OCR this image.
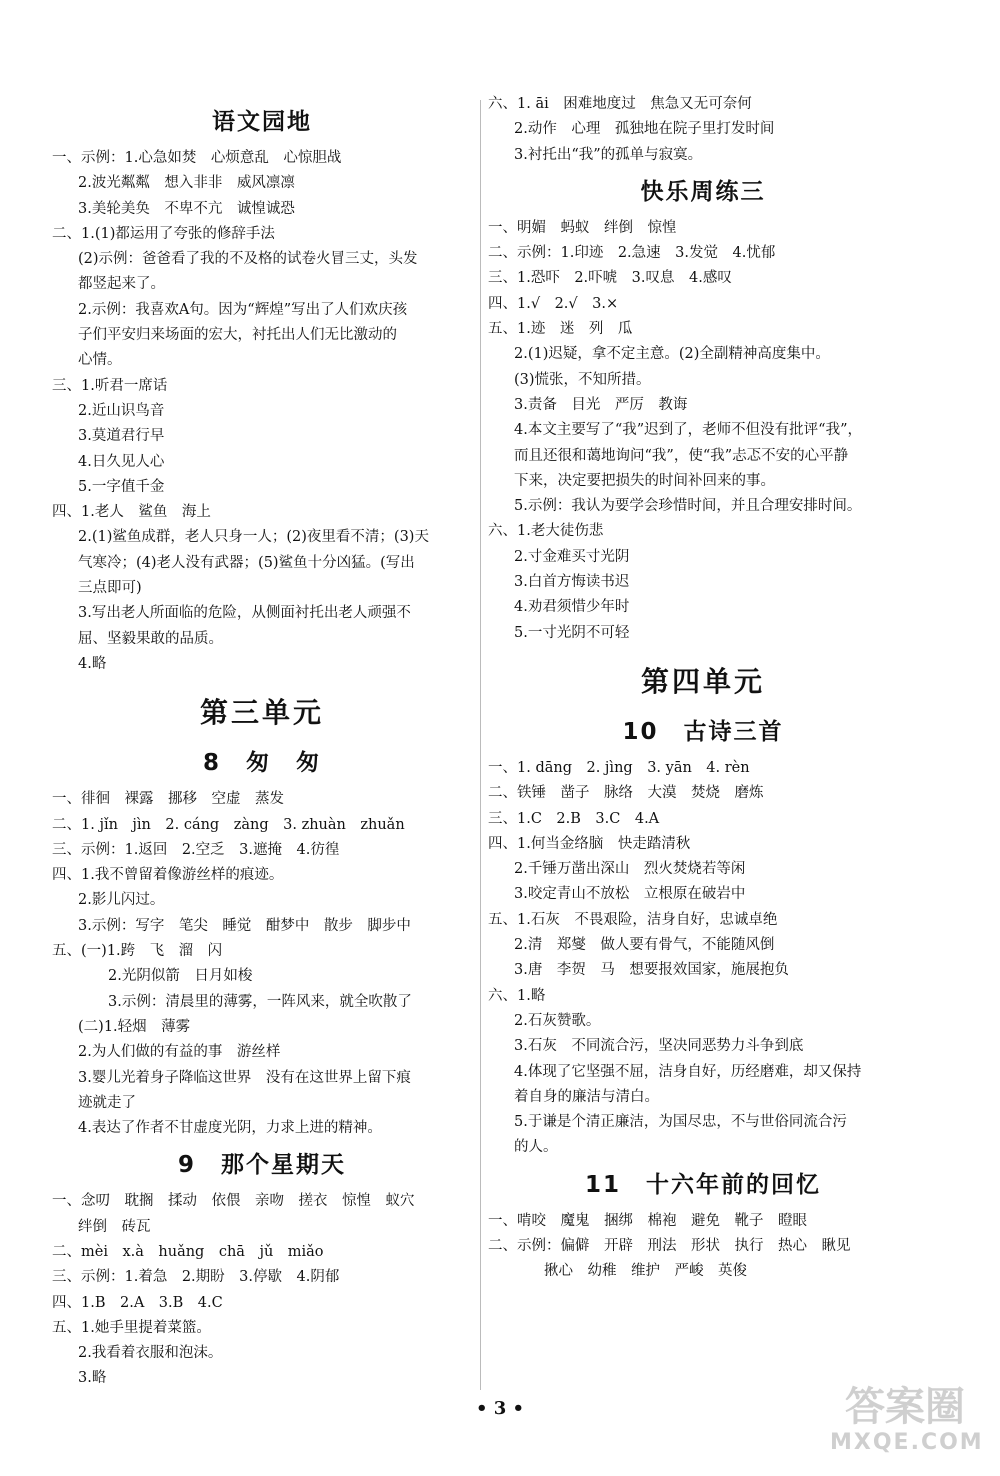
语文园地
一、示例：1.心急如焚　心烦意乱　心惊胆战
2.波光粼粼　想入非非　威风凛凛
3.美轮美奂　不卑不亢　诚惶诚恐
二、1.(1)都运用了夸张的修辞手法
(2)示例：爸爸看了我的不及格的试卷火冒三丈，头发
都竖起来了。
2.示例：我喜欢A句。因为“辉煌”写出了人们欢庆孩
子们平安归来场面的宏大，衬托出人们无比激动的
心情。
三、1.听君一席话
2.近山识鸟音
3.莫道君行早
4.日久见人心
5.一字值千金
四、1.老人　鲨鱼　海上
2.(1)鲨鱼成群，老人只身一人；(2)夜里看不清；(3)天
气寒冷；(4)老人没有武器；(5)鲨鱼十分凶猛。(写出
三点即可)
3.写出老人所面临的危险，从侧面衬托出老人顽强不
屈、坚毅果敢的品质。
4.略
第三单元
8　匆　匆
一、徘徊　裸露　挪移　空虚　蒸发
二、1. jǐn　jìn　2. cáng　zàng　3. zhuàn　zhuǎn
三、示例：1.返回　2.空乏　3.遮掩　4.彷徨
四、1.我不曾留着像游丝样的痕迹。
2.影儿闪过。
3.示例：写字　笔尖　睡觉　酣梦中　散步　脚步中
五、(一)1.跨　飞　溜　闪
2.光阴似箭　日月如梭
3.示例：清晨里的薄雾，一阵风来，就全吹散了
(二)1.轻烟　薄雾
2.为人们做的有益的事　游丝样
3.婴儿光着身子降临这世界　没有在这世界上留下痕
迹就走了
4.表达了作者不甘虚度光阴，力求上进的精神。
9　那个星期天
一、念叨　耽搁　揉动　依偎　亲吻　搓衣　惊惶　蚁穴
绊倒　砖瓦
二、mèi　x.à　huǎng　chā　jǔ　miǎo
三、示例：1.着急　2.期盼　3.停歇　4.阴郁
四、1.B　2.A　3.B　4.C
五、1.她手里提着菜篮。
2.我看着衣服和泡沫。
3.略
六、1. āi　困难地度过　焦急又无可奈何
2.动作　心理　孤独地在院子里打发时间
3.衬托出“我”的孤单与寂寞。
快乐周练三
一、明媚　蚂蚁　绊倒　惊惶
二、示例：1.印迹　2.急速　3.发觉　4.忧郁
三、1.恐吓　2.吓唬　3.叹息　4.感叹
四、1.√　2.√　3.×
五、1.迹　迷　列　瓜
2.(1)迟疑，拿不定主意。(2)全副精神高度集中。
(3)慌张，不知所措。
3.责备　目光　严厉　教诲
4.本文主要写了“我”迟到了，老师不但没有批评“我”，
而且还很和蔼地询问“我”，使“我”忐忑不安的心平静
下来，决定要把损失的时间补回来的事。
5.示例：我认为要学会珍惜时间，并且合理安排时间。
六、1.老大徒伤悲
2.寸金难买寸光阴
3.白首方悔读书迟
4.劝君须惜少年时
5.一寸光阴不可轻
第四单元
10　古诗三首
一、1. dāng　2. jìng　3. yān　4. rèn
二、铁锤　凿子　脉络　大漠　焚烧　磨炼
三、1.C　2.B　3.C　4.A
四、1.何当金络脑　快走踏清秋
2.千锤万凿出深山　烈火焚烧若等闲
3.咬定青山不放松　立根原在破岩中
五、1.石灰　不畏艰险，洁身自好，忠诚卓绝
2.清　郑燮　做人要有骨气，不能随风倒
3.唐　李贺　马　想要报效国家，施展抱负
六、1.略
2.石灰赞歌。
3.石灰　不同流合污，坚决同恶势力斗争到底
4.体现了它坚强不屈，洁身自好，历经磨难，却又保持
着自身的廉洁与清白。
5.于谦是个清正廉洁，为国尽忠，不与世俗同流合污
的人。
11　十六年前的回忆
一、啃咬　魔鬼　捆绑　棉袍　避免　靴子　瞪眼
二、示例：偏僻　开辟　刑法　形状　执行　热心　瞅见
揪心　幼稚　维护　严峻　英俊
• 3 •	答案圈
MXQE.COM
